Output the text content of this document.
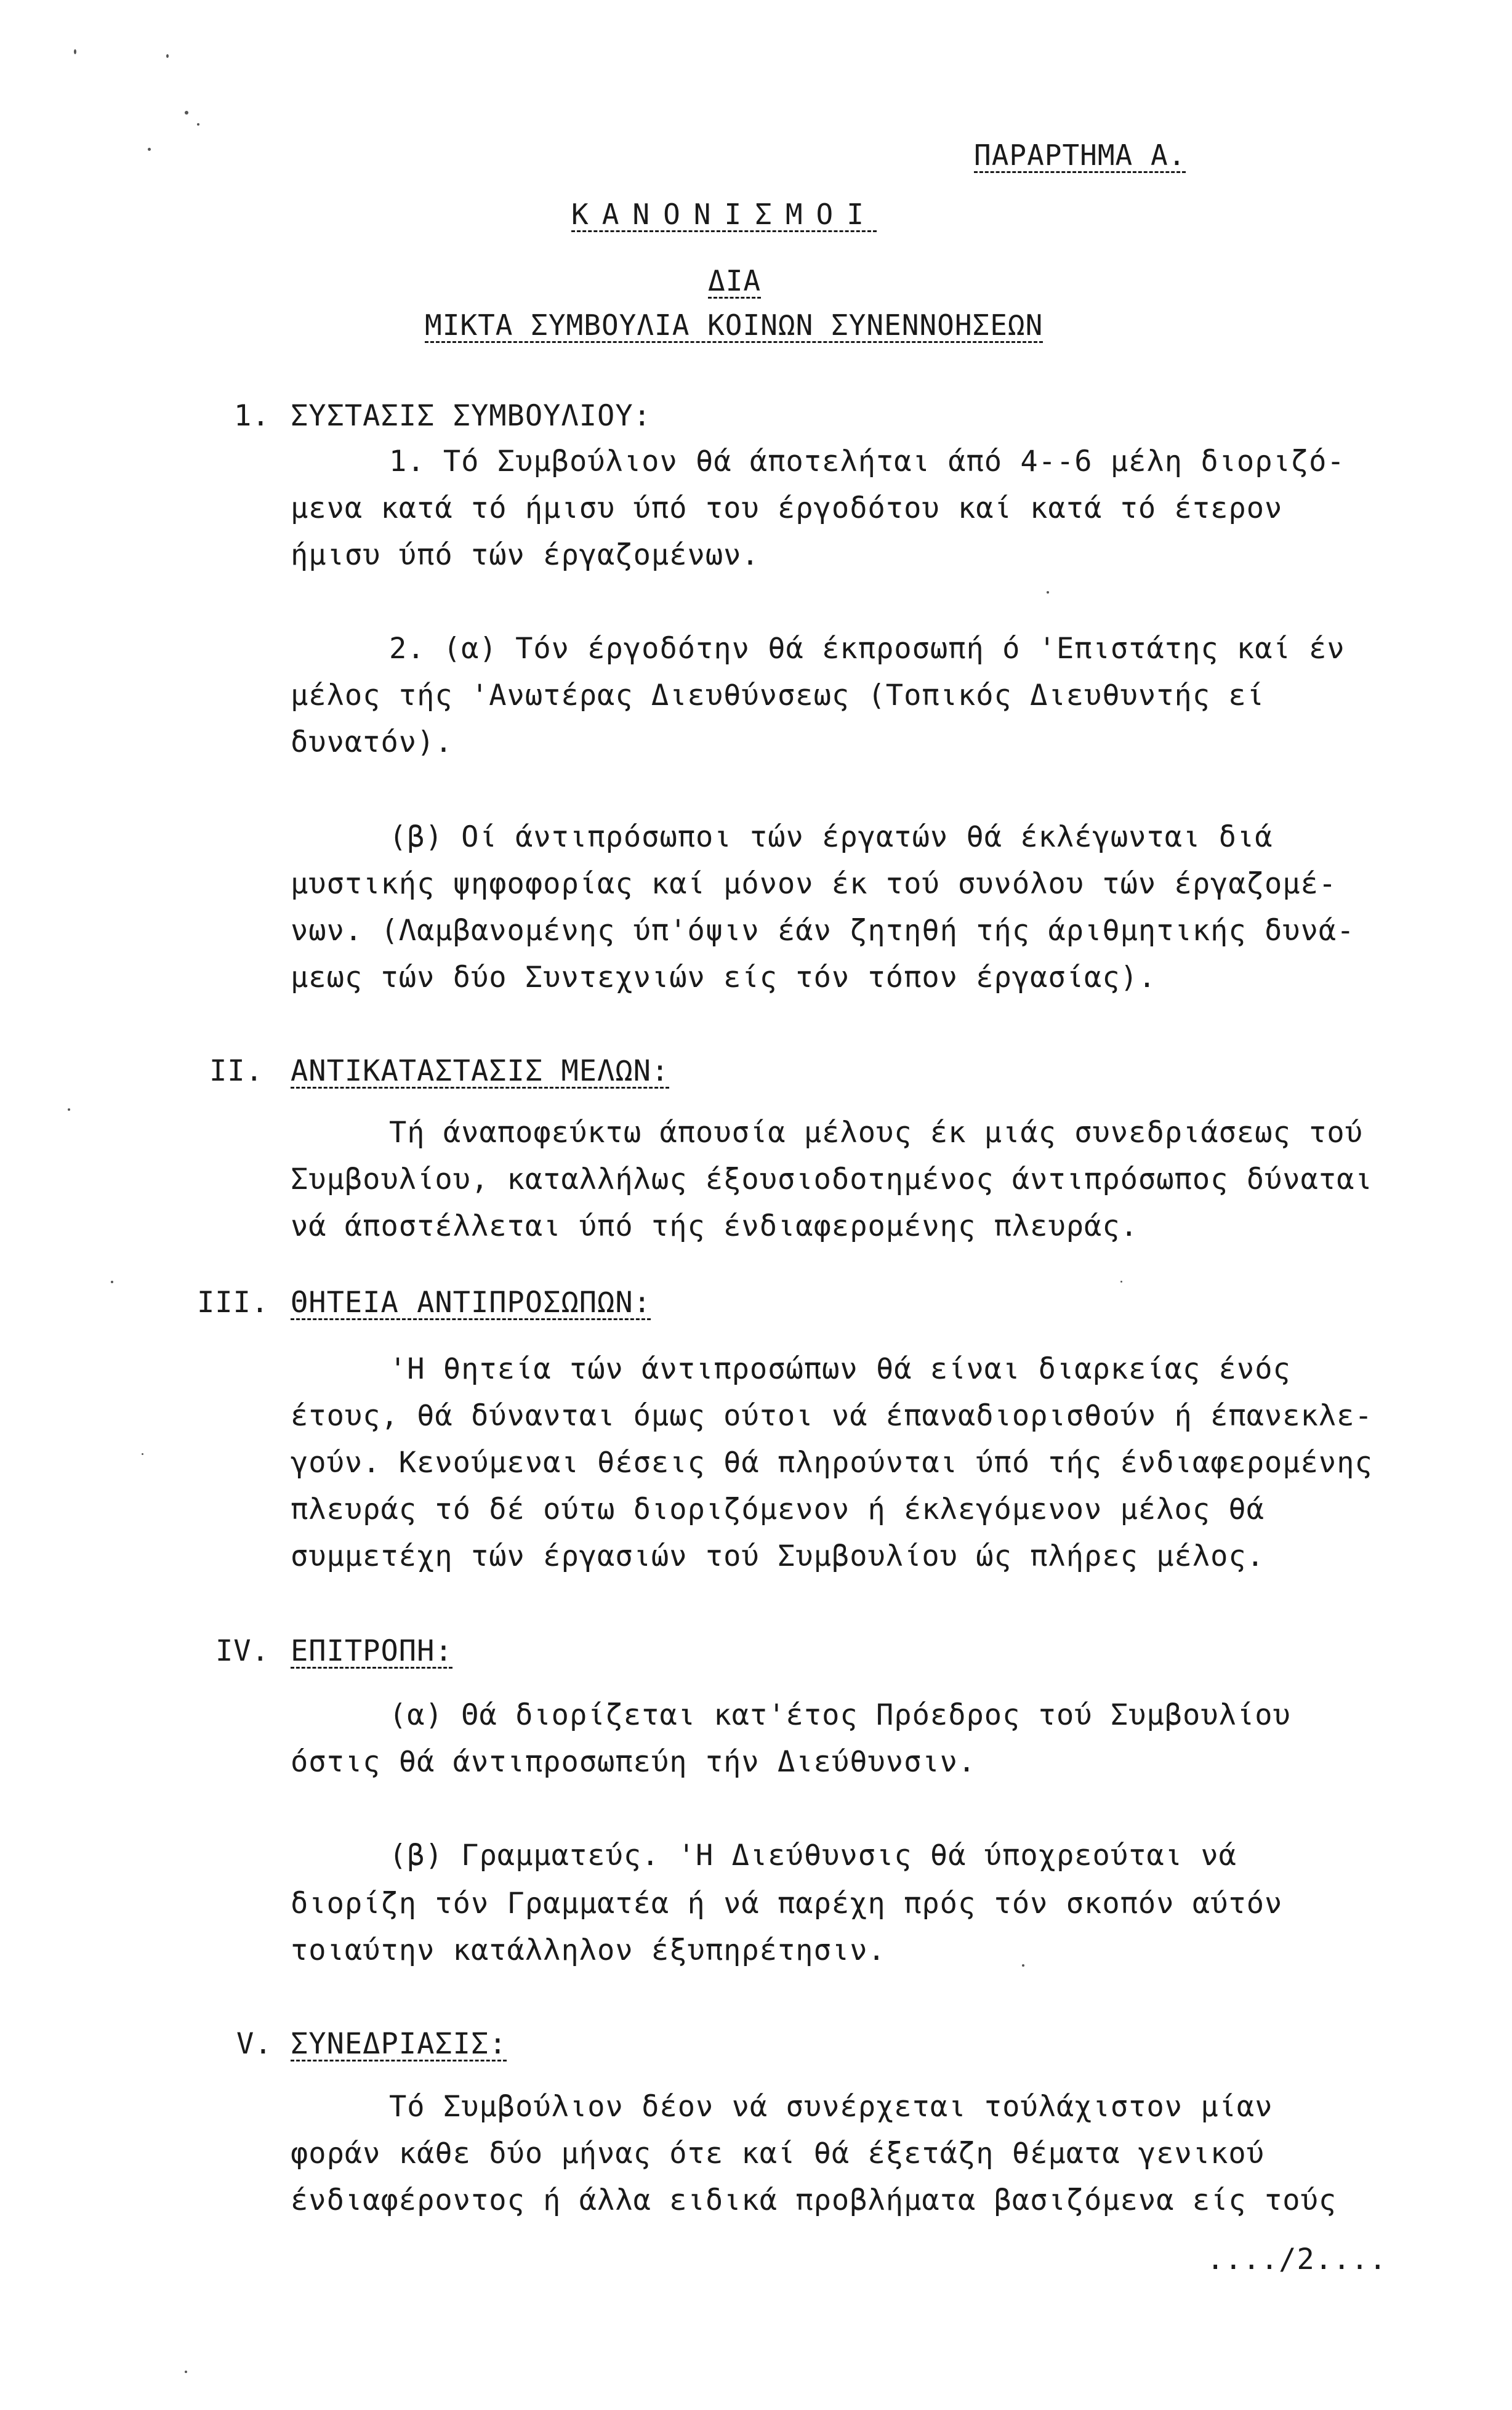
ΠΑΡΑΡΤΗΜΑ Α.
ΚΑΝΟΝΙΣΜΟΙ
ΔΙΑ
ΜΙΚΤΑ ΣΥΜΒΟΥΛΙΑ ΚΟΙΝΩΝ ΣΥΝΕΝΝΟΗΣΕΩΝ
1. ΣΥΣΤΑΣΙΣ ΣΥΜΒΟΥΛΙΟΥ:
1. Τό Συμβούλιον θά άποτελήται άπό 4--6 μέλη διοριζό-
μενα κατά τό ήμισυ ύπό του έργοδότου καί κατά τό έτερον
ήμισυ ύπό τών έργαζομένων.
2. (α) Τόν έργοδότην θά έκπροσωπή ό 'Επιστάτης καί έν
μέλος τής 'Ανωτέρας Διευθύνσεως (Τοπικός Διευθυντής εί
δυνατόν).
(β) Οί άντιπρόσωποι τών έργατών θά έκλέγωνται διά
μυστικής ψηφοφορίας καί μόνον έκ τού συνόλου τών έργαζομέ-
νων. (Λαμβανομένης ύπ'όψιν έάν ζητηθή τής άριθμητικής δυνά-
μεως τών δύο Συντεχνιών είς τόν τόπον έργασίας).
II. ΑΝΤΙΚΑΤΑΣΤΑΣΙΣ ΜΕΛΩΝ:
Τή άναποφεύκτω άπουσία μέλους έκ μιάς συνεδριάσεως τού
Συμβουλίου, καταλλήλως έξουσιοδοτημένος άντιπρόσωπος δύναται
νά άποστέλλεται ύπό τής ένδιαφερομένης πλευράς.
III. ΘΗΤΕΙΑ ΑΝΤΙΠΡΟΣΩΠΩΝ:
'Η θητεία τών άντιπροσώπων θά είναι διαρκείας ένός
έτους, θά δύνανται όμως ούτοι νά έπαναδιορισθούν ή έπανεκλε-
γούν. Κενούμεναι θέσεις θά πληρούνται ύπό τής ένδιαφερομένης
πλευράς τό δέ ούτω διοριζόμενον ή έκλεγόμενον μέλος θά
συμμετέχη τών έργασιών τού Συμβουλίου ώς πλήρες μέλος.
IV. ΕΠΙΤΡΟΠΗ:
(α) Θά διορίζεται κατ'έτος Πρόεδρος τού Συμβουλίου
όστις θά άντιπροσωπεύη τήν Διεύθυνσιν.
(β) Γραμματεύς. 'Η Διεύθυνσις θά ύποχρεούται νά
διορίζη τόν Γραμματέα ή νά παρέχη πρός τόν σκοπόν αύτόν
τοιαύτην κατάλληλον έξυπηρέτησιν.
V. ΣΥΝΕΔΡΙΑΣΙΣ:
Τό Συμβούλιον δέον νά συνέρχεται τούλάχιστον μίαν
φοράν κάθε δύο μήνας ότε καί θά έξετάζη θέματα γενικού
ένδιαφέροντος ή άλλα ειδικά προβλήματα βασιζόμενα είς τούς
..../2....
